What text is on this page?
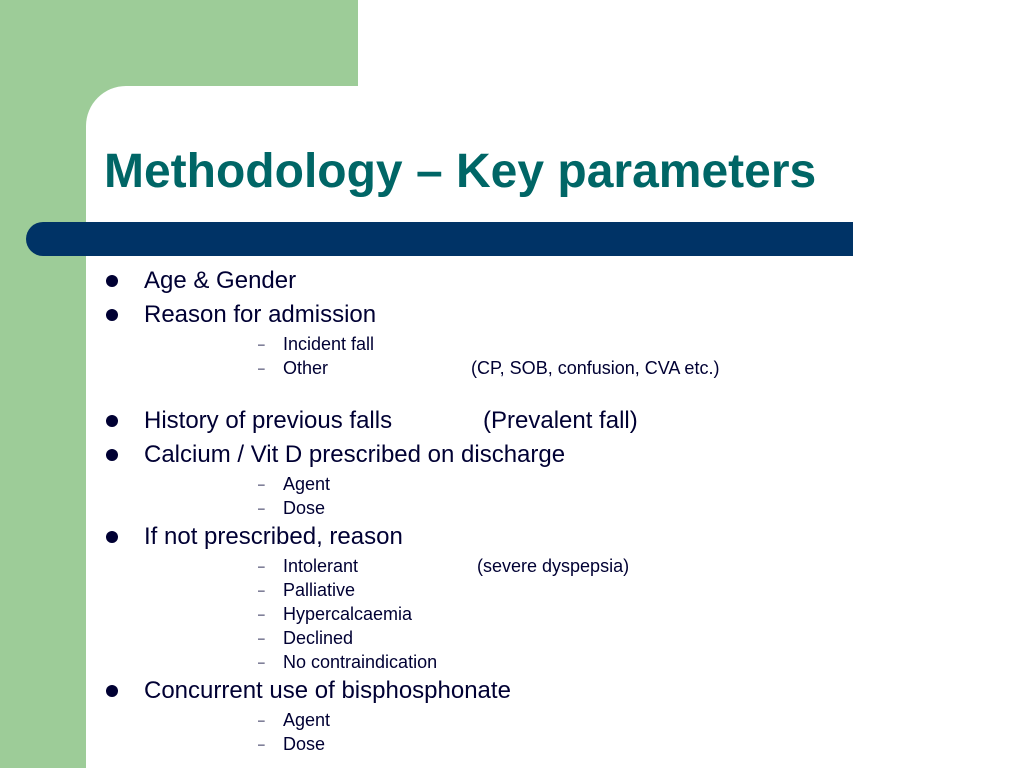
Methodology – Key parameters
Age & Gender
Reason for admission
– Incident fall
– Other	(CP, SOB, confusion, CVA etc.)
History of previous falls	(Prevalent fall)
Calcium / Vit D prescribed on discharge
– Agent
– Dose
If not prescribed, reason
– Intolerant	(severe dyspepsia)
– Palliative
– Hypercalcaemia
– Declined
– No contraindication
Concurrent use of bisphosphonate
– Agent
– Dose
